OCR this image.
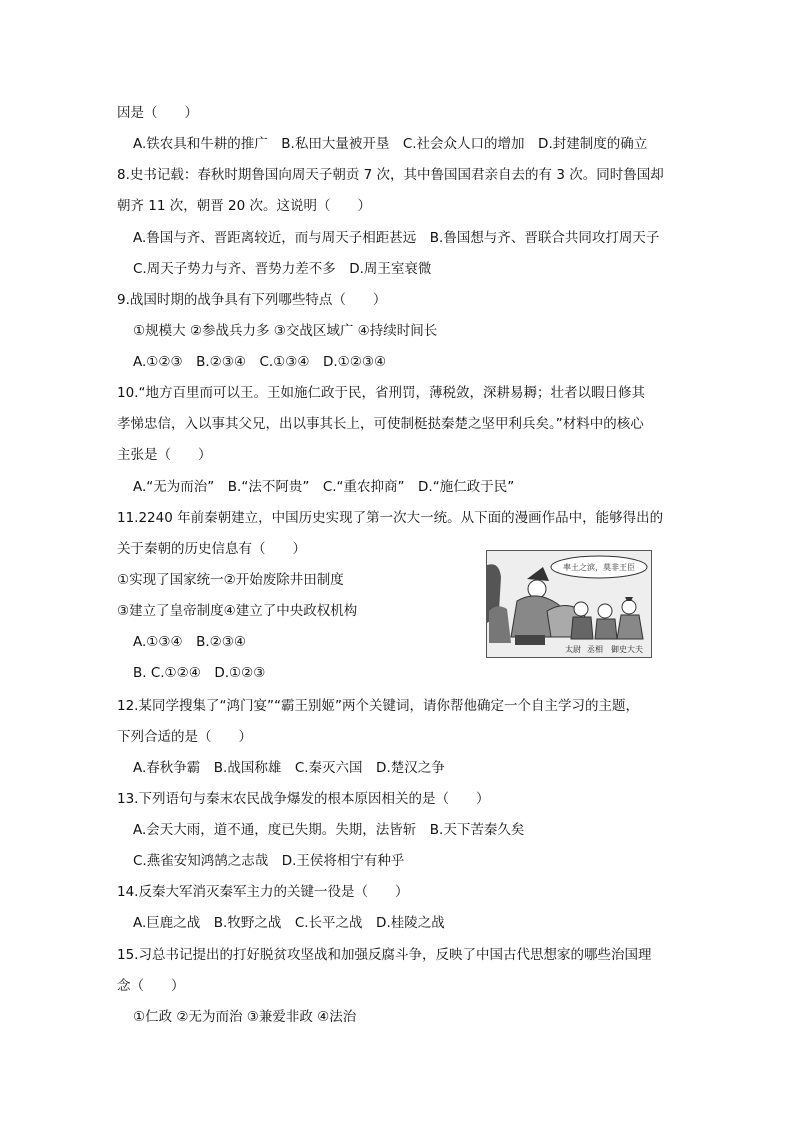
因是（　　）
A.铁农具和牛耕的推广　B.私田大量被开垦　C.社会众人口的增加　D.封建制度的确立
8.史书记载：春秋时期鲁国向周天子朝贡 7 次，其中鲁国国君亲自去的有 3 次。同时鲁国却
朝齐 11 次，朝晋 20 次。这说明（　　）
A.鲁国与齐、晋距离较近，而与周天子相距甚远　B.鲁国想与齐、晋联合共同攻打周天子
C.周天子势力与齐、晋势力差不多　D.周王室衰微
9.战国时期的战争具有下列哪些特点（　　）
①规模大 ②参战兵力多 ③交战区域广 ④持续时间长
A.①②③　B.②③④　C.①③④　D.①②③④
10.“地方百里而可以王。王如施仁政于民，省刑罚，薄税敛，深耕易耨；壮者以暇日修其
孝悌忠信，入以事其父兄，出以事其长上，可使制梃挞秦楚之坚甲利兵矣。”材料中的核心
主张是（　　）
A.“无为而治”　B.“法不阿贵”　C.“重农抑商”　D.“施仁政于民”
11.2240 年前秦朝建立，中国历史实现了第一次大一统。从下面的漫画作品中，能够得出的
关于秦朝的历史信息有（　　）
①实现了国家统一②开始废除井田制度
③建立了皇帝制度④建立了中央政权机构
A.①③④　B.②③④
B. C.①②④　D.①②③
12.某同学搜集了“鸿门宴”“霸王别姬”两个关键词，请你帮他确定一个自主学习的主题，
下列合适的是（　　）
A.春秋争霸　B.战国称雄　C.秦灭六国　D.楚汉之争
13.下列语句与秦末农民战争爆发的根本原因相关的是（　　）
A.会天大雨，道不通，度已失期。失期，法皆斩　B.天下苦秦久矣
C.燕雀安知鸿鹄之志哉　D.王侯将相宁有种乎
14.反秦大军消灭秦军主力的关键一役是（　　）
A.巨鹿之战　B.牧野之战　C.长平之战　D.桂陵之战
15.习总书记提出的打好脱贫攻坚战和加强反腐斗争，反映了中国古代思想家的哪些治国理
念（　　）
①仁政 ②无为而治 ③兼爱非政 ④法治
率土之滨，莫非王臣
太尉 丞相 御史大夫
